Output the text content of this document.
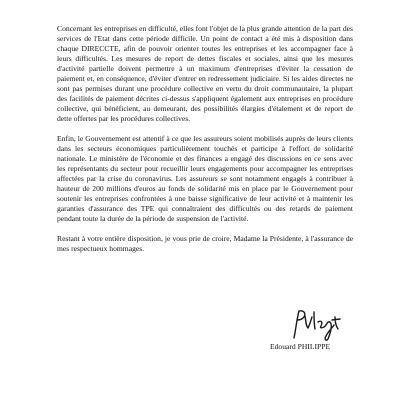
Concernant les entreprises en difficulté, elles font l'objet de la plus grande attention de la part des services de l'Etat dans cette période difficile. Un point de contact a été mis à disposition dans chaque DIRECCTE, afin de pouvoir orienter toutes les entreprises et les accompagner face à leurs difficultés. Les mesures de report de dettes fiscales et sociales, ainsi que les mesures d'activité partielle doivent permettre à un maximum d'entreprises d'éviter la cessation de paiement et, en conséquence, d'éviter d'entrer en redressement judiciaire. Si les aides directes ne sont pas permises durant une procédure collective en vertu du droit communautaire, la plupart des facilités de paiement décrites ci-dessus s'appliquent également aux entreprises en procédure collective, qui bénéficient, au demeurant, des possibilités élargies d'étalement et de report de dette offertes par les procédures collectives.

Enfin, le Gouvernement est attentif à ce que les assureurs soient mobilisés auprès de leurs clients dans les secteurs économiques particulièrement touchés et participe à l'effort de solidarité nationale. Le ministère de l'économie et des finances a engagé des discussions en ce sens avec les représentants du secteur pour recueillir leurs engagements pour accompagner les entreprises affectées par la crise du coronavirus. Les assureurs se sont notamment engagés à contribuer à hauteur de 200 millions d'euros au fonds de solidarité mis en place par le Gouvernement pour soutenir les entreprises confrontées à une baisse significative de leur activité et à maintenir les garanties d'assurance des TPE qui connaîtraient des difficultés ou des retards de paiement pendant toute la durée de la période de suspension de l'activité.

Restant à votre entière disposition, je vous prie de croire, Madame la Présidente, à l'assurance de mes respectueux hommages.

Edouard PHILIPPE
